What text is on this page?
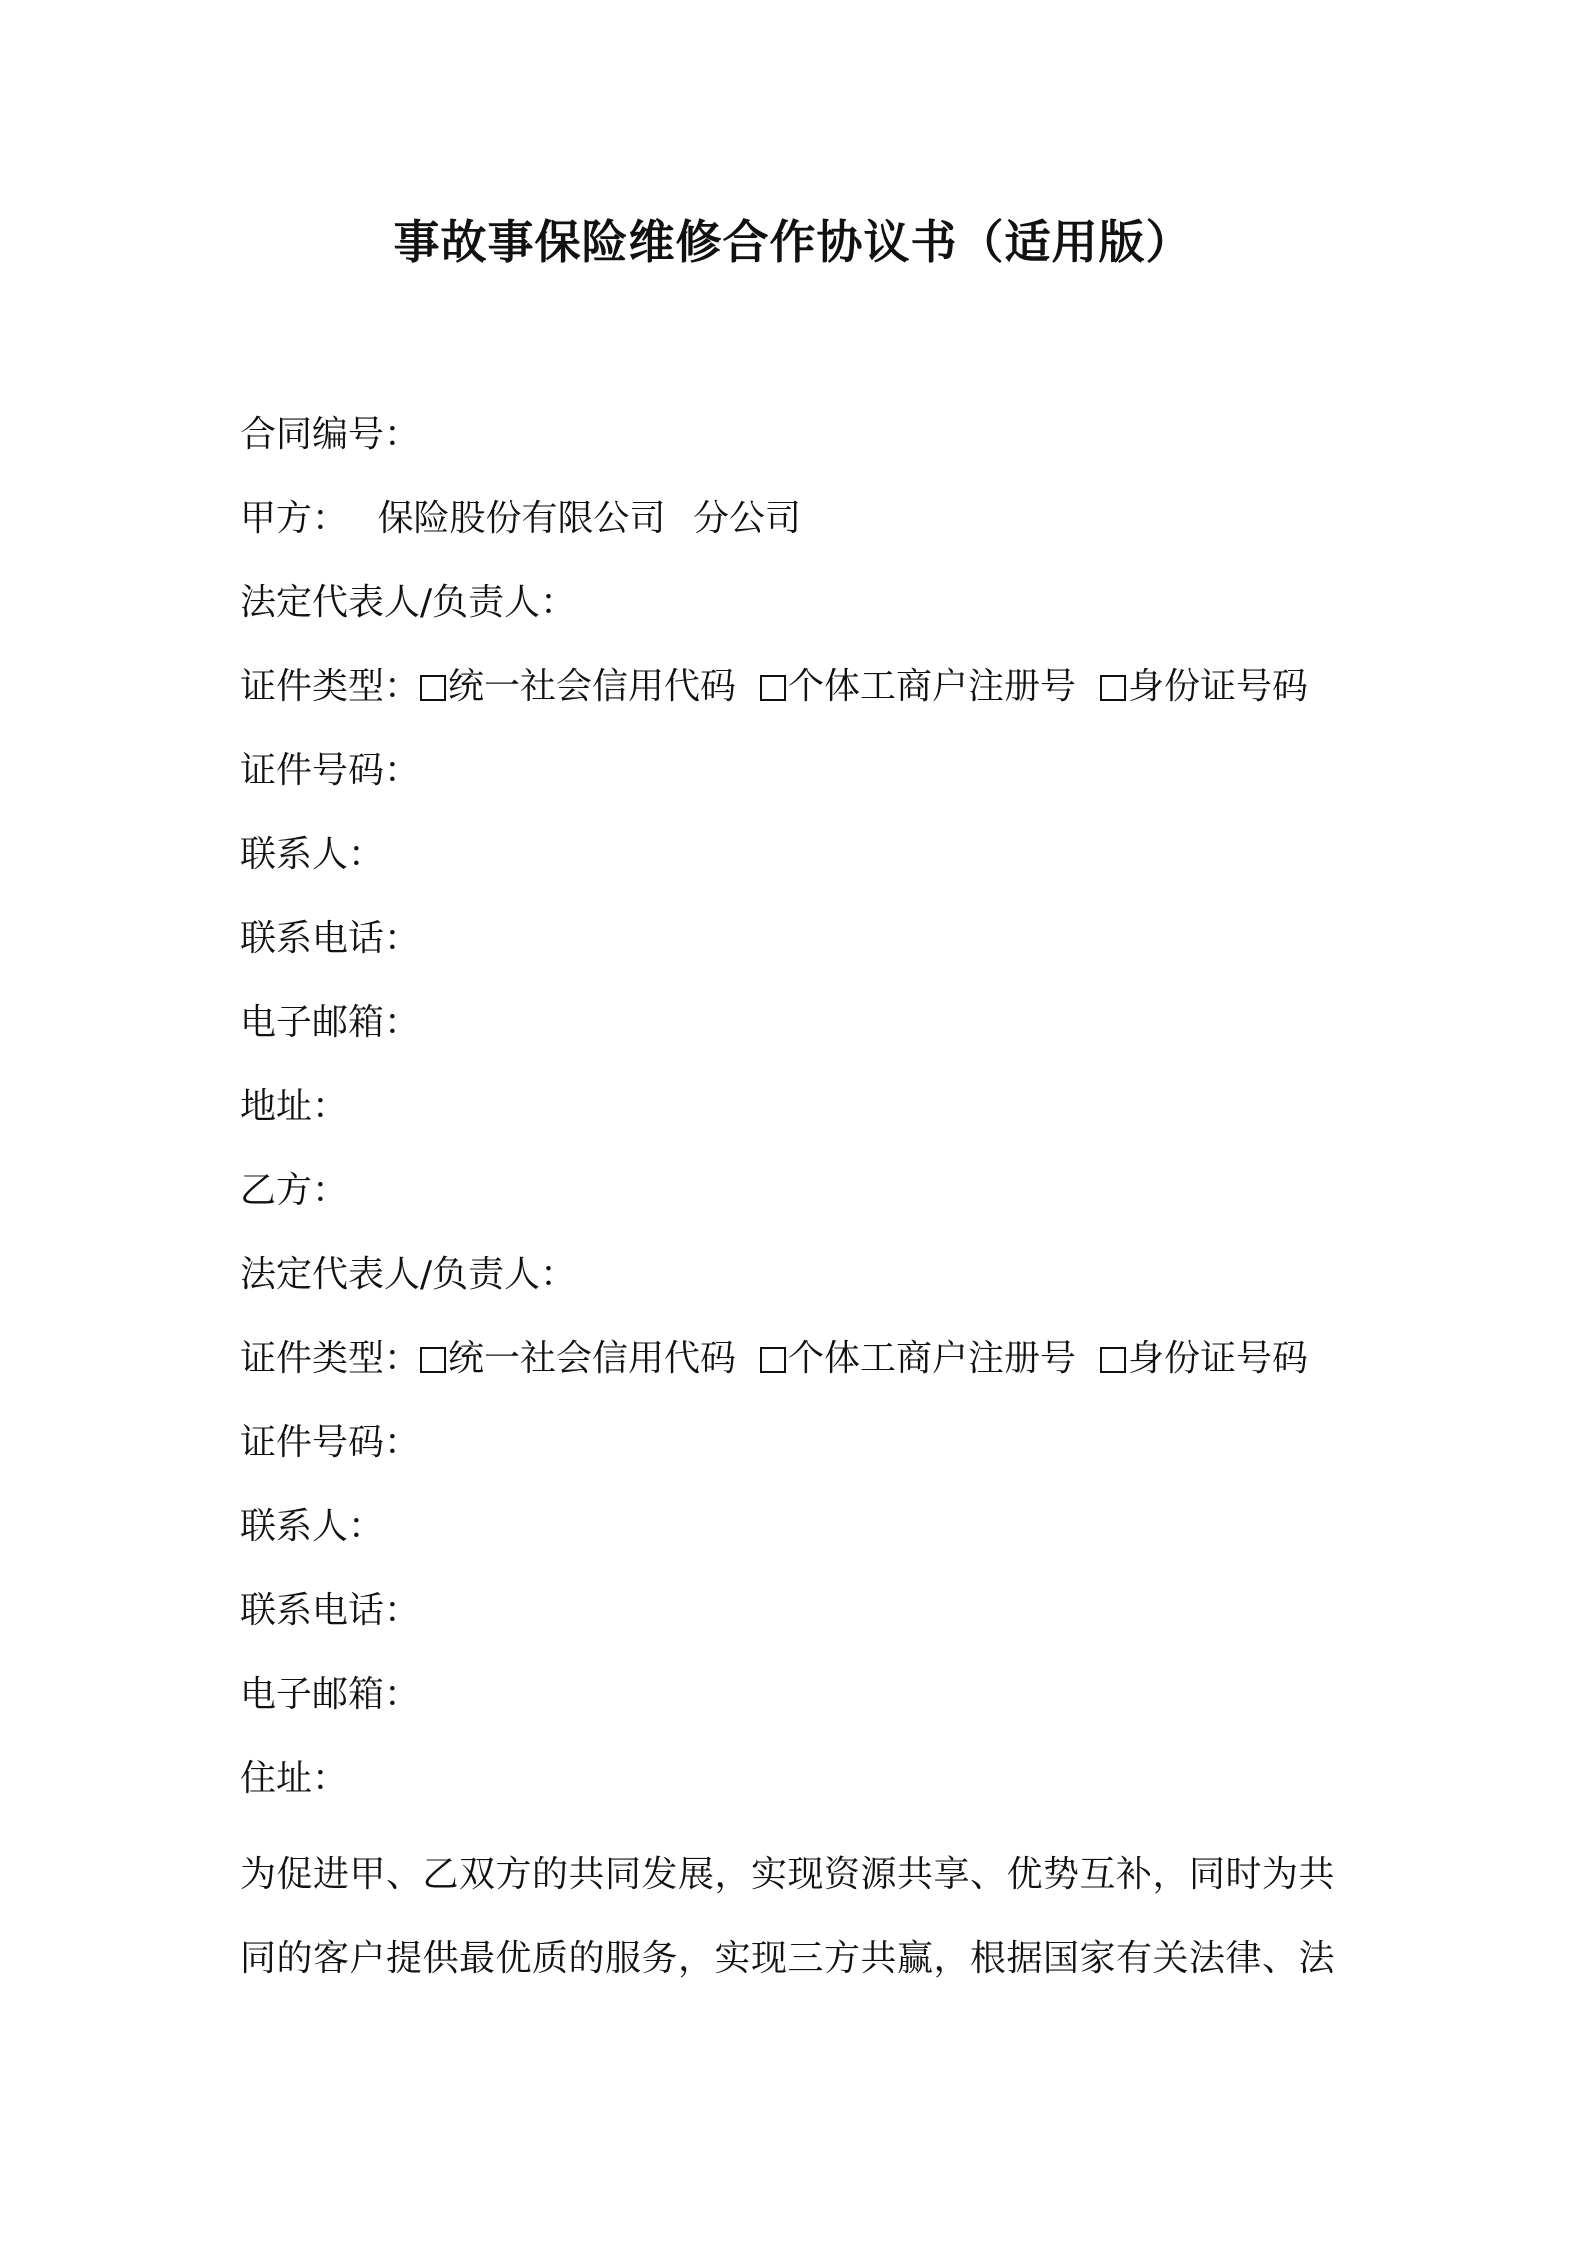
事故事保险维修合作协议书（适用版）
合同编号：
甲方： 保险股份有限公司 分公司
法定代表人/负责人：
证件类型： 统一社会信用代码 个体工商户注册号 身份证号码
证件号码：
联系人：
联系电话：
电子邮箱：
地址：
乙方：
法定代表人/负责人：
证件类型： 统一社会信用代码 个体工商户注册号 身份证号码
证件号码：
联系人：
联系电话：
电子邮箱：
住址：
为促进甲、乙双方的共同发展，实现资源共享、优势互补，同时为共
同的客户提供最优质的服务，实现三方共赢，根据国家有关法律、法
